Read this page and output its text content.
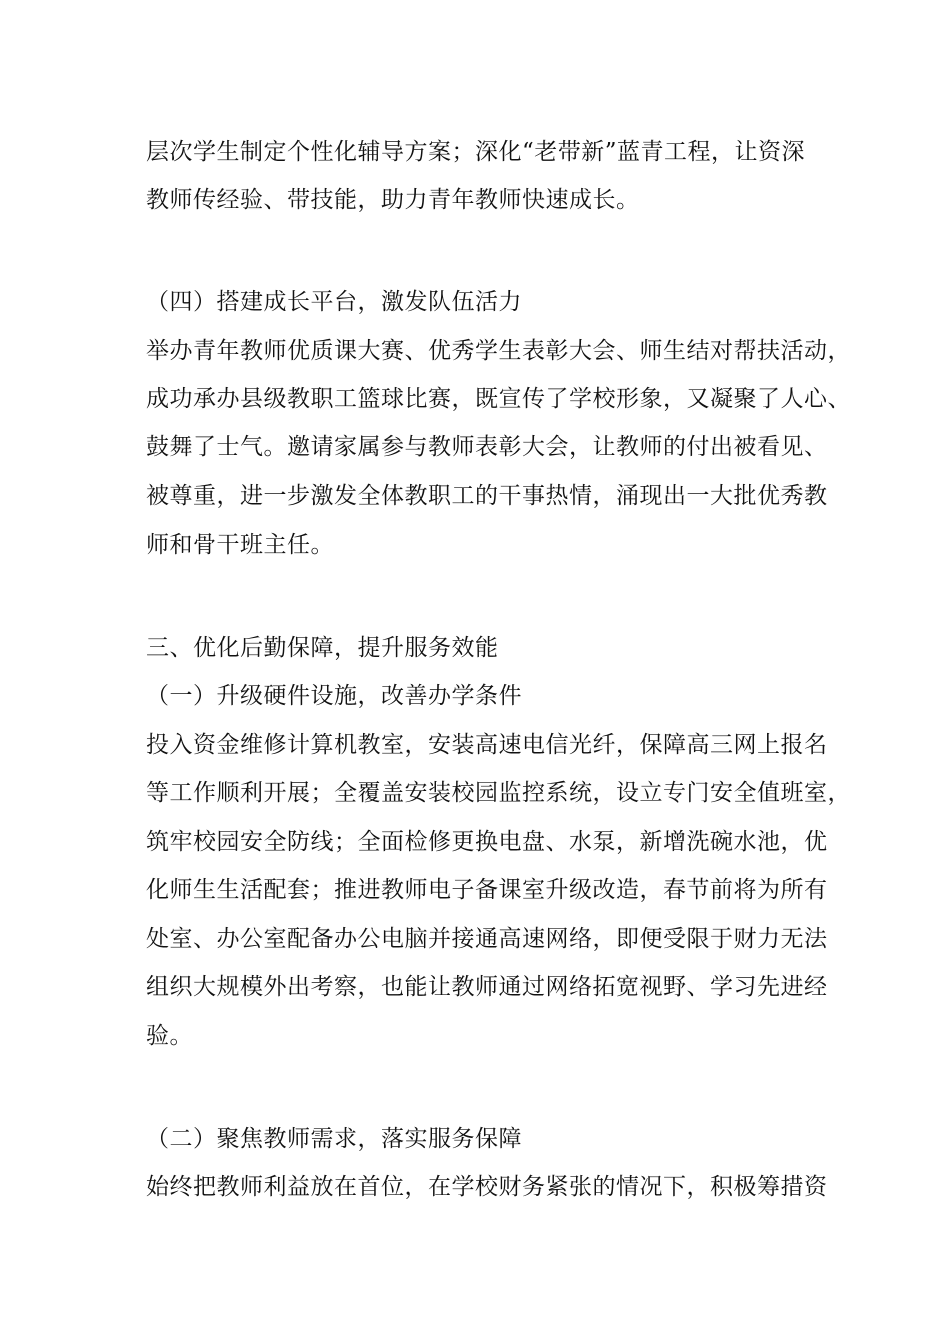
层次学生制定个性化辅导方案；深化“老带新”蓝青工程，让资深
教师传经验、带技能，助力青年教师快速成长。
（四）搭建成长平台，激发队伍活力
举办青年教师优质课大赛、优秀学生表彰大会、师生结对帮扶活动，
成功承办县级教职工篮球比赛，既宣传了学校形象，又凝聚了人心、
鼓舞了士气。邀请家属参与教师表彰大会，让教师的付出被看见、
被尊重，进一步激发全体教职工的干事热情，涌现出一大批优秀教
师和骨干班主任。
三、优化后勤保障，提升服务效能
（一）升级硬件设施，改善办学条件
投入资金维修计算机教室，安装高速电信光纤，保障高三网上报名
等工作顺利开展；全覆盖安装校园监控系统，设立专门安全值班室，
筑牢校园安全防线；全面检修更换电盘、水泵，新增洗碗水池，优
化师生生活配套；推进教师电子备课室升级改造，春节前将为所有
处室、办公室配备办公电脑并接通高速网络，即便受限于财力无法
组织大规模外出考察，也能让教师通过网络拓宽视野、学习先进经
验。
（二）聚焦教师需求，落实服务保障
始终把教师利益放在首位，在学校财务紧张的情况下，积极筹措资
